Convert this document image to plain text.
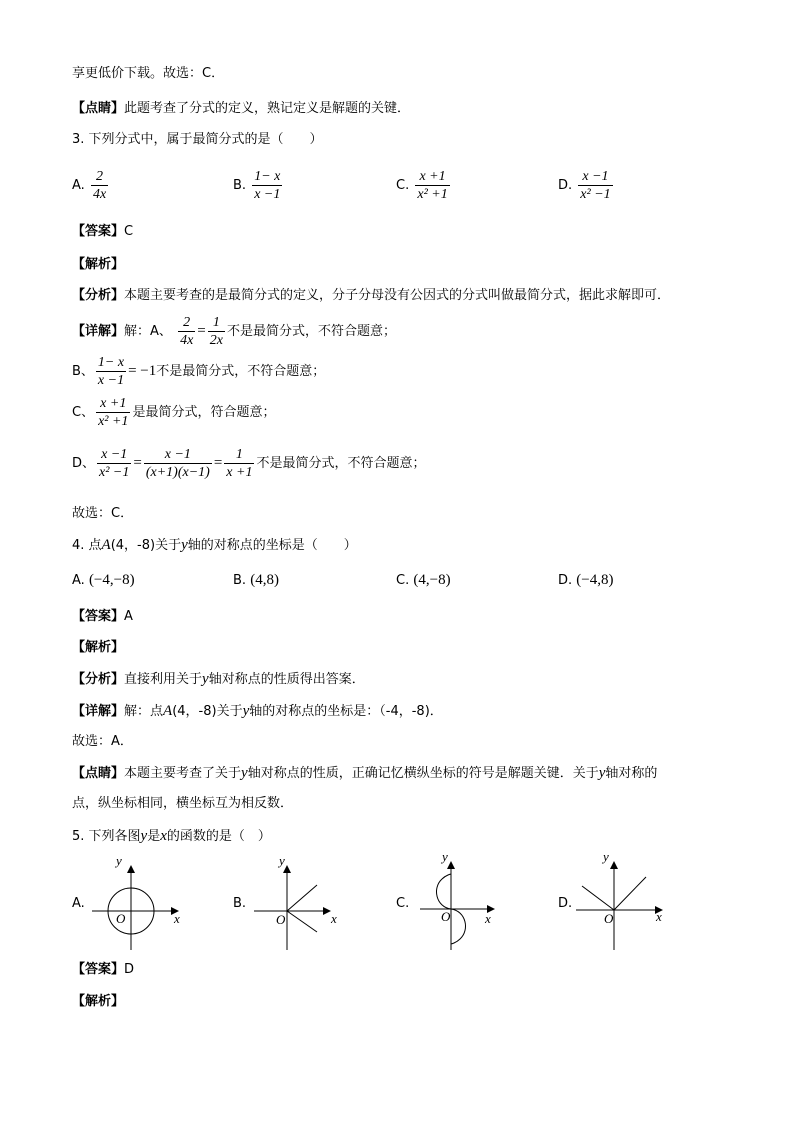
享更低价下载。故选：C．
【点睛】此题考查了分式的定义，熟记定义是解题的关键．
3. 下列分式中，属于最简分式的是（　　）
A. $\frac{2}{4x}$	B. $\frac{1- x}{x -1}$	C. $\frac{x +1}{\text{x² +1}}$	D. $\frac{x -1}{\text{x² −1}}$
【答案】C
【解析】
【分析】本题主要考查的是最简分式的定义，分子分母没有公因式的分式叫做最简分式，据此求解即可．
【详解】解：A、 $\frac{2}{4x} = \frac{1}{2x}$ 不是最简分式，不符合题意；
B、 $\frac{1- x}{x -1} = -1$不是最简分式，不符合题意；
C、 $\frac{x +1}{\text{x² +1}}$ 是最简分式，符合题意；
D、 $\frac{x -1}{\text{x² −1}} = \frac{x -1}{(x+1)(x-1)} = \frac{1}{x +1}$ 不是最简分式，不符合题意；
故选：C．
4. 点A(4，-8)关于y轴的对称点的坐标是（　　）
A. (−4,−8)	B. (4,8)	C. (4,−8)	D. (−4,8)
【答案】A
【解析】
【分析】直接利用关于y轴对称点的性质得出答案．
【详解】解：点A(4，-8)关于y轴的对称点的坐标是：（-4，-8)．
故选：A．
【点睛】本题主要考查了关于y轴对称点的性质，正确记忆横纵坐标的符号是解题关键．关于y轴对称的
点，纵坐标相同，横坐标互为相反数．
5. 下列各图y是x的函数的是（　）
A.	B.	C.	D.
y
x
O
y
x
O
y
x
O
y
x
O
【答案】D
【解析】
